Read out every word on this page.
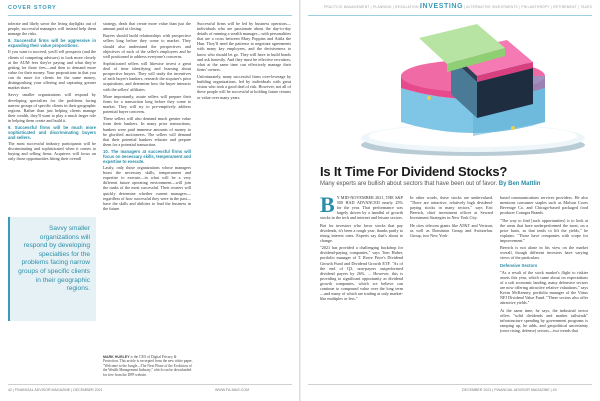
COVER STORY

tolerate and likely savor the living daylights out of people, successful managers will instead help them manage the risks.

8. Successful firms will be aggressive in expanding their value propositions.

If you want to succeed, you'll sell prospects (and the clients of competing advisors) to look more closely at the AUM fees they're paying and what they're getting for those fees—and then to demand more value for their money. Your propositions in that you can do more for clients for the same money, distinguishing your offering and capturing greater market share.

Savvy smaller organizations will respond by developing specialties for the problems facing narrow groups of specific clients in their geographic regions. Rather than just helping clients manage their wealth, they'll want to play a much larger role in helping them create and build it.

9. Successful firms will be much more sophisticated and discriminating buyers and sellers.

The most successful industry participants will be discriminating and sophisticated when it comes to buying and selling firms. Acquirers will focus on only those opportunities fitting their overall

Savvy smaller organizations will respond by developing specialties for the problems facing narrow groups of specific clients in their geographic regions.

strategy, deals that create more value than just the amount paid at closing.

Buyers should build relationships with prospective sellers long before they come to market. They should also understand the perspectives and objectives of each of the seller's employees and be well positioned to address everyone's concerns.

Sophisticated sellers will likewise invest a great deal of time identifying and learning about prospective buyers. They will study the incentives of each buyer's bankers, research the acquirer's prior acquisitions, and determine how the buyer interacts with the sellers' affiliates.

More importantly, astute sellers will prepare their firms for a transaction long before they come to market. They will try to pre-emptively address potential buyer concerns.

These sellers will also demand much greater value from their bankers. In many prior transactions, bankers were paid immense amounts of money to be glorified auctioneers. The sellers will demand that their potential bankers educate and prepare them for a potential transaction.

10. The managers at successful firms will focus on necessary skills, temperament and expertise to execute.

Lastly, only those organizations whose managers boast the necessary skills, temperament and expertise to execute—in what will be a very different future operating environment—will join the ranks of the most successful. Their owners will quickly determine whether current managers—regardless of how successful they were in the past—have the skills and abilities to lead the business in the future.

Successful firms will be led by business operators—individuals who are passionate about the day-to-day details of running a wealth manager—with personalities that are a cross between Mary Poppins and Attila the Hun. They'll need the patience to negotiate agreements with many key employees, and the decisiveness to know who should let go. They will have to build bonds and ask honestly. And they must be effective recruiters, what at the same time can effectively manage their firms' owners.

Unfortunately, many successful firms over-leverage by building organizations, led by individuals with great vision who took a good deal of risk. However, not all of these people will be successful at holding future returns or value over many years.

MARK HURLEY is the CEO of Digital Privacy & Protection. This article is excerpted from the new white paper, "Welcome to the Jungle—The Next Phase of the Evolution of the Wealth Management Industry," which can be downloaded for free from the DPP website.
42 | FINANCIAL ADVISOR MAGAZINE | DECEMBER 2021	WWW.FA-MAG.COM
PRACTICE MANAGEMENT | PLANNING | REGULATION | INVESTING | ALTERNATIVE INVESTMENTS | PHILANTHROPY | RETIREMENT | TAXES
Is It Time For Dividend Stocks?
Many experts are bullish about sectors that have been out of favor. By Ben Mattlin

B Y MID-NOVEMBER 2021, THE S&P 500 HAD ADVANCED nearly 25% for the year. That performance was largely driven by a handful of growth stocks in the tech and internet and leisure sectors.

But for investors who favor stocks that pay dividends, it's been a rough year, thanks partly to rising interest rates. Experts say that's about to change.

"2021 has provided a challenging backdrop for dividend-paying companies," says Tom Huber, portfolio manager of T. Rowe Price's Dividend Growth Fund and Dividend Growth ETF. "As of the end of Q3, non-payers outperformed dividend payers by 26%. ... However, this is providing to significant opportunity as dividend growth companies, which we believe can continue to compound value over the long term—and many of which are trading at only market-like multiples or less."

In other words, these stocks are undervalued. "There are attractive, relatively high dividend-paying stocks in many sectors," says Eric Beerich, chief investment officer at Seward Investment Strategies in New York City.

He cites telecom giants like AT&T and Verizon, as well as Dominion Group and Switzerlan. Group, two New York-

based communications services providers. He also mentions consumer staples such as Molson Coors Beverage Co. and Chicago-based packaged food producer Conagra Brands.

"The way to find [such opportunities] is to look at the areas that have underperformed the most, on a price basis, as that tends to lift the yields," he explains. "Those have companies with scope for improvement."

Beerich is not alone in his view on the market overall, though different investors have varying views of the particulars.

Defensive Sectors

"As a result of the stock market's flight to riskier assets this year, which came about on expectations of a soft economic landing, many defensive sectors are now offering attractive relative valuations," says Kevin McKenney, portfolio manager of the Virtus NFJ Dividend Value Fund. "These sectors also offer attractive yields."

At the same time, he says, the industrial sector offers "solid dividends and market tailwinds" infrastructure spending by government programs is ramping up, he adds, and geopolitical uncertainty (once rising, defense) sectors—two trends that

DECEMBER 2021 | FINANCIAL ADVISOR MAGAZINE | 43
